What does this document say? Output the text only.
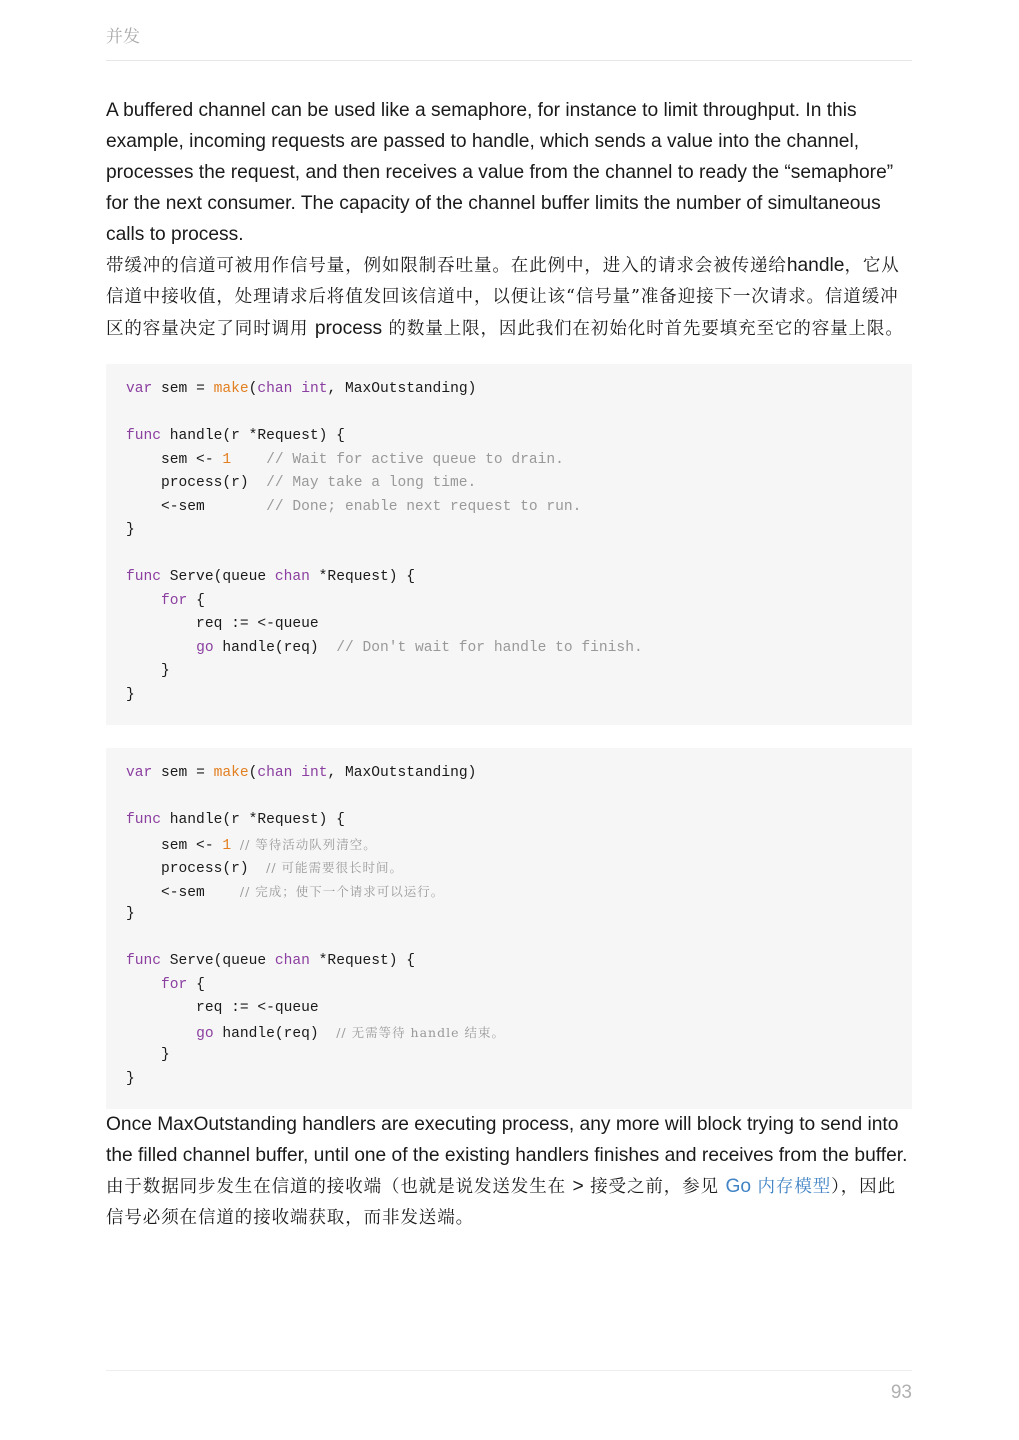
并发

A buffered channel can be used like a semaphore, for instance to limit throughput. In this example, incoming requests are passed to handle, which sends a value into the channel, processes the request, and then receives a value from the channel to ready the “semaphore” for the next consumer. The capacity of the channel buffer limits the number of simultaneous calls to process.

带缓冲的信道可被用作信号量，例如限制吞吐量。在此例中，进入的请求会被传递给handle，它从信道中接收值，处理请求后将值发回该信道中，以便让该“信号量”准备迎接下一次请求。信道缓冲区的容量决定了同时调用 process 的数量上限，因此我们在初始化时首先要填充至它的容量上限。

var sem = make(chan int, MaxOutstanding)
func handle(r *Request) {
sem <- 1 // Wait for active queue to drain.
process(r)  // May take a long time.
<-sem       // Done; enable next request to run.
}
func Serve(queue chan *Request) {
for {
req := <-queue
go handle(req)  // Don't wait for handle to finish.
}
}
var sem = make(chan int, MaxOutstanding)
func handle(r *Request) {
sem <- 1 // 等待活动队列清空。
process(r)  // 可能需要很长时间。
<-sem    // 完成；使下一个请求可以运行。
}
func Serve(queue chan *Request) {
for {
req := <-queue
go handle(req)  // 无需等待 handle 结束。
}
}

Once MaxOutstanding handlers are executing process, any more will block trying to send into the filled channel buffer, until one of the existing handlers finishes and receives from the buffer.

由于数据同步发生在信道的接收端（也就是说发送发生在 > 接受之前，参见 Go 内存模型），因此信号必须在信道的接收端获取，而非发送端。

93
